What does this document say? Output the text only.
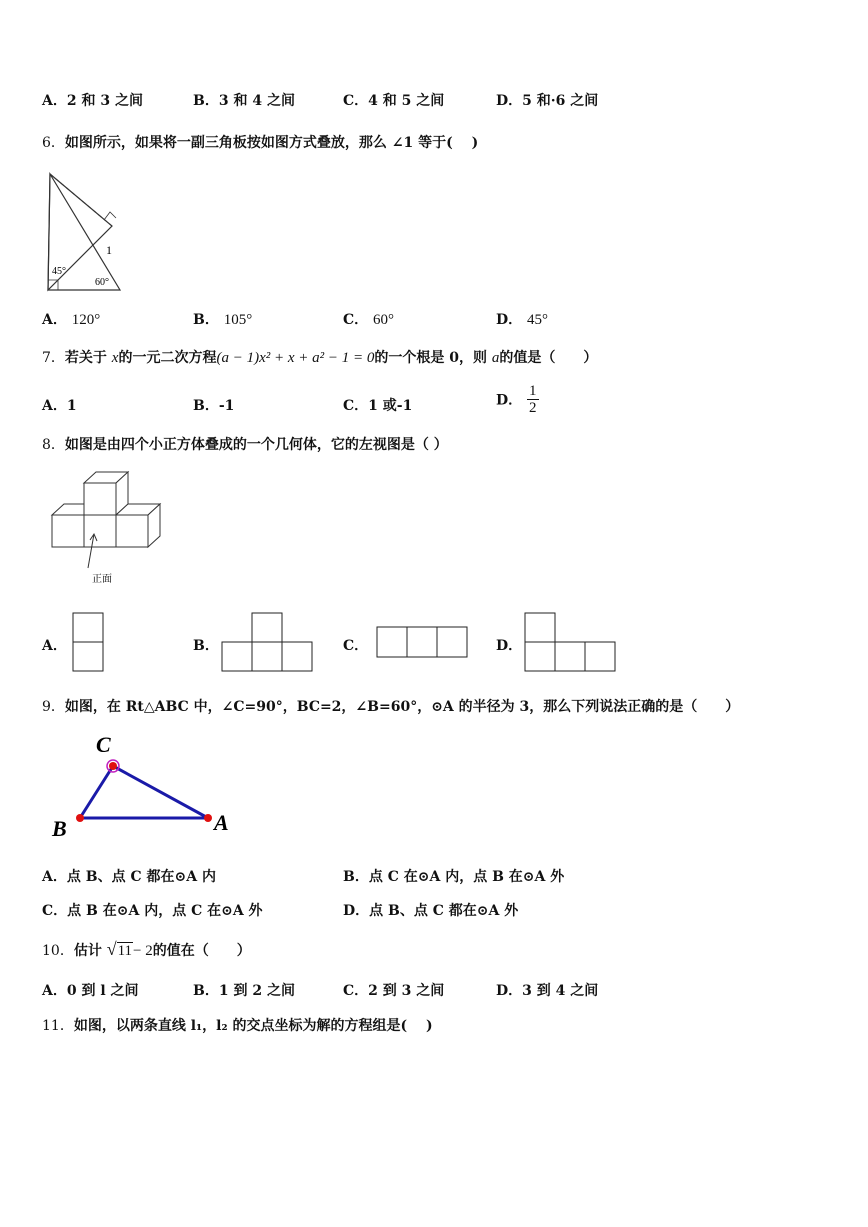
A．2 和 3 之间	B．3 和 4 之间	C．4 和 5 之间	D．5 和·6 之间
6．如图所示，如果将一副三角板按如图方式叠放，那么 ∠1 等于(　 )
1
45°
60°
A． 120°	B． 105°	C． 60°	D． 45°
7．若关于 x的一元二次方程(a − 1)x² + x + a² − 1 = 0的一个根是 0，则 a的值是（　　）
A．1	B．-1	C．1 或-1	D． $\frac{1}{2}$
8．如图是由四个小正方体叠成的一个几何体，它的左视图是（ ）
正面
A．	B．	C．	D．
9．如图，在 Rt△ABC 中，∠C=90°，BC=2，∠B=60°，⊙A 的半径为 3，那么下列说法正确的是（　　）
C
B	A
A．点 B、点 C 都在⊙A 内	B．点 C 在⊙A 内，点 B 在⊙A 外
C．点 B 在⊙A 内，点 C 在⊙A 外	D．点 B、点 C 都在⊙A 外
10．估计 √11− 2的值在（　　）
A．0 到 l 之间	B．1 到 2 之间	C．2 到 3 之间	D．3 到 4 之间
11．如图，以两条直线 l₁，l₂ 的交点坐标为解的方程组是(　 )
